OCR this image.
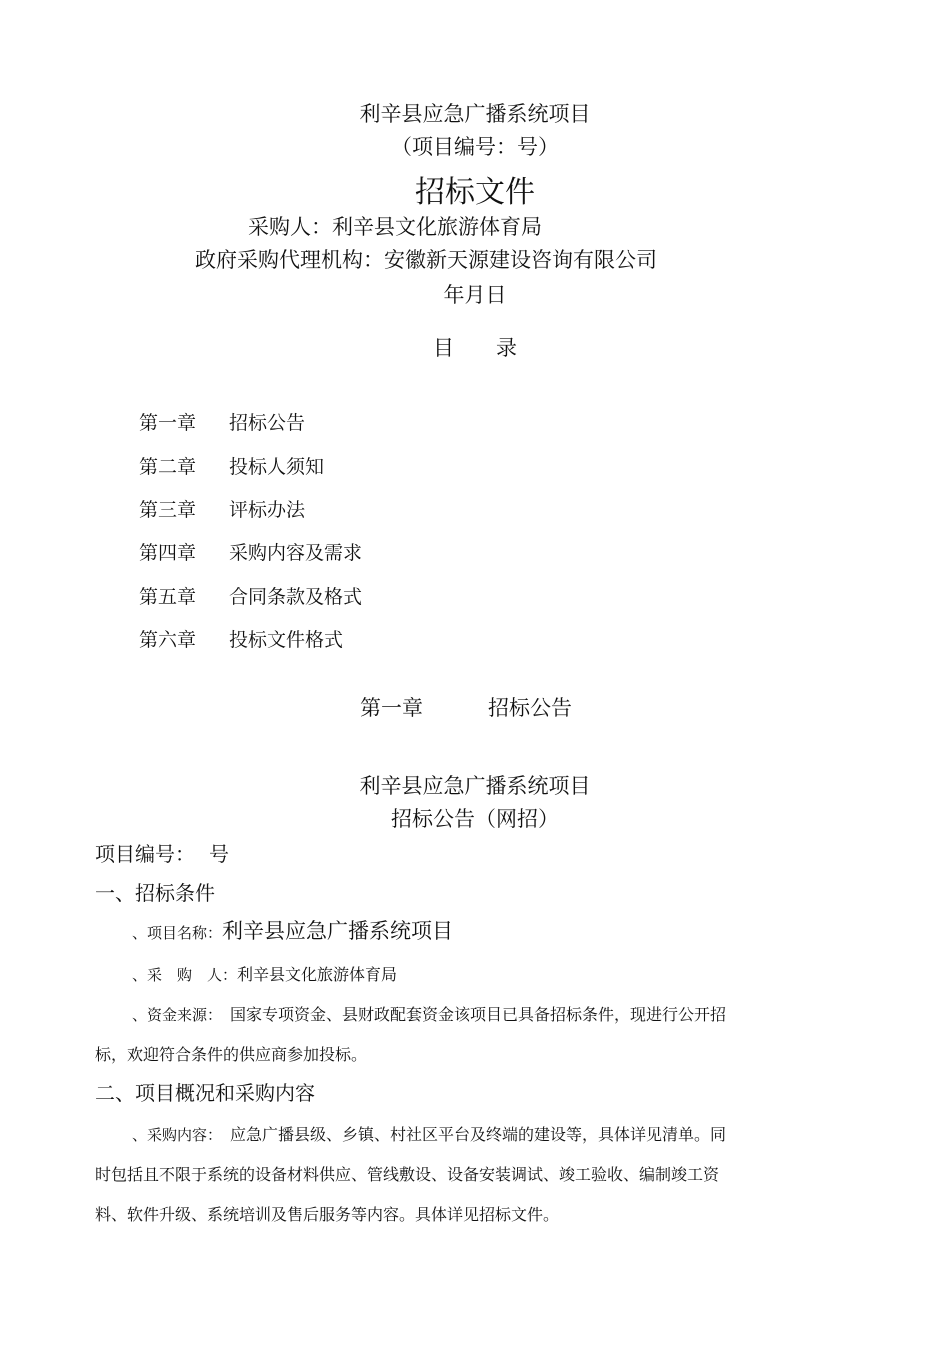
利辛县应急广播系统项目
（项目编号：号）
招标文件
采购人：利辛县文化旅游体育局
政府采购代理机构：安徽新天源建设咨询有限公司
年月日
目　　录
第一章 招标公告
第二章 投标人须知
第三章 评标办法
第四章 采购内容及需求
第五章 合同条款及格式
第六章 投标文件格式
第一章	招标公告
利辛县应急广播系统项目
招标公告（网招）
项目编号： 号
一、招标条件
、项目名称：利辛县应急广播系统项目
、采　购　人：利辛县文化旅游体育局
、资金来源： 国家专项资金、县财政配套资金该项目已具备招标条件，现进行公开招
标，欢迎符合条件的供应商参加投标。
二、项目概况和采购内容
、采购内容： 应急广播县级、乡镇、村社区平台及终端的建设等，具体详见清单。同
时包括且不限于系统的设备材料供应、管线敷设、设备安装调试、竣工验收、编制竣工资
料、软件升级、系统培训及售后服务等内容。具体详见招标文件。
